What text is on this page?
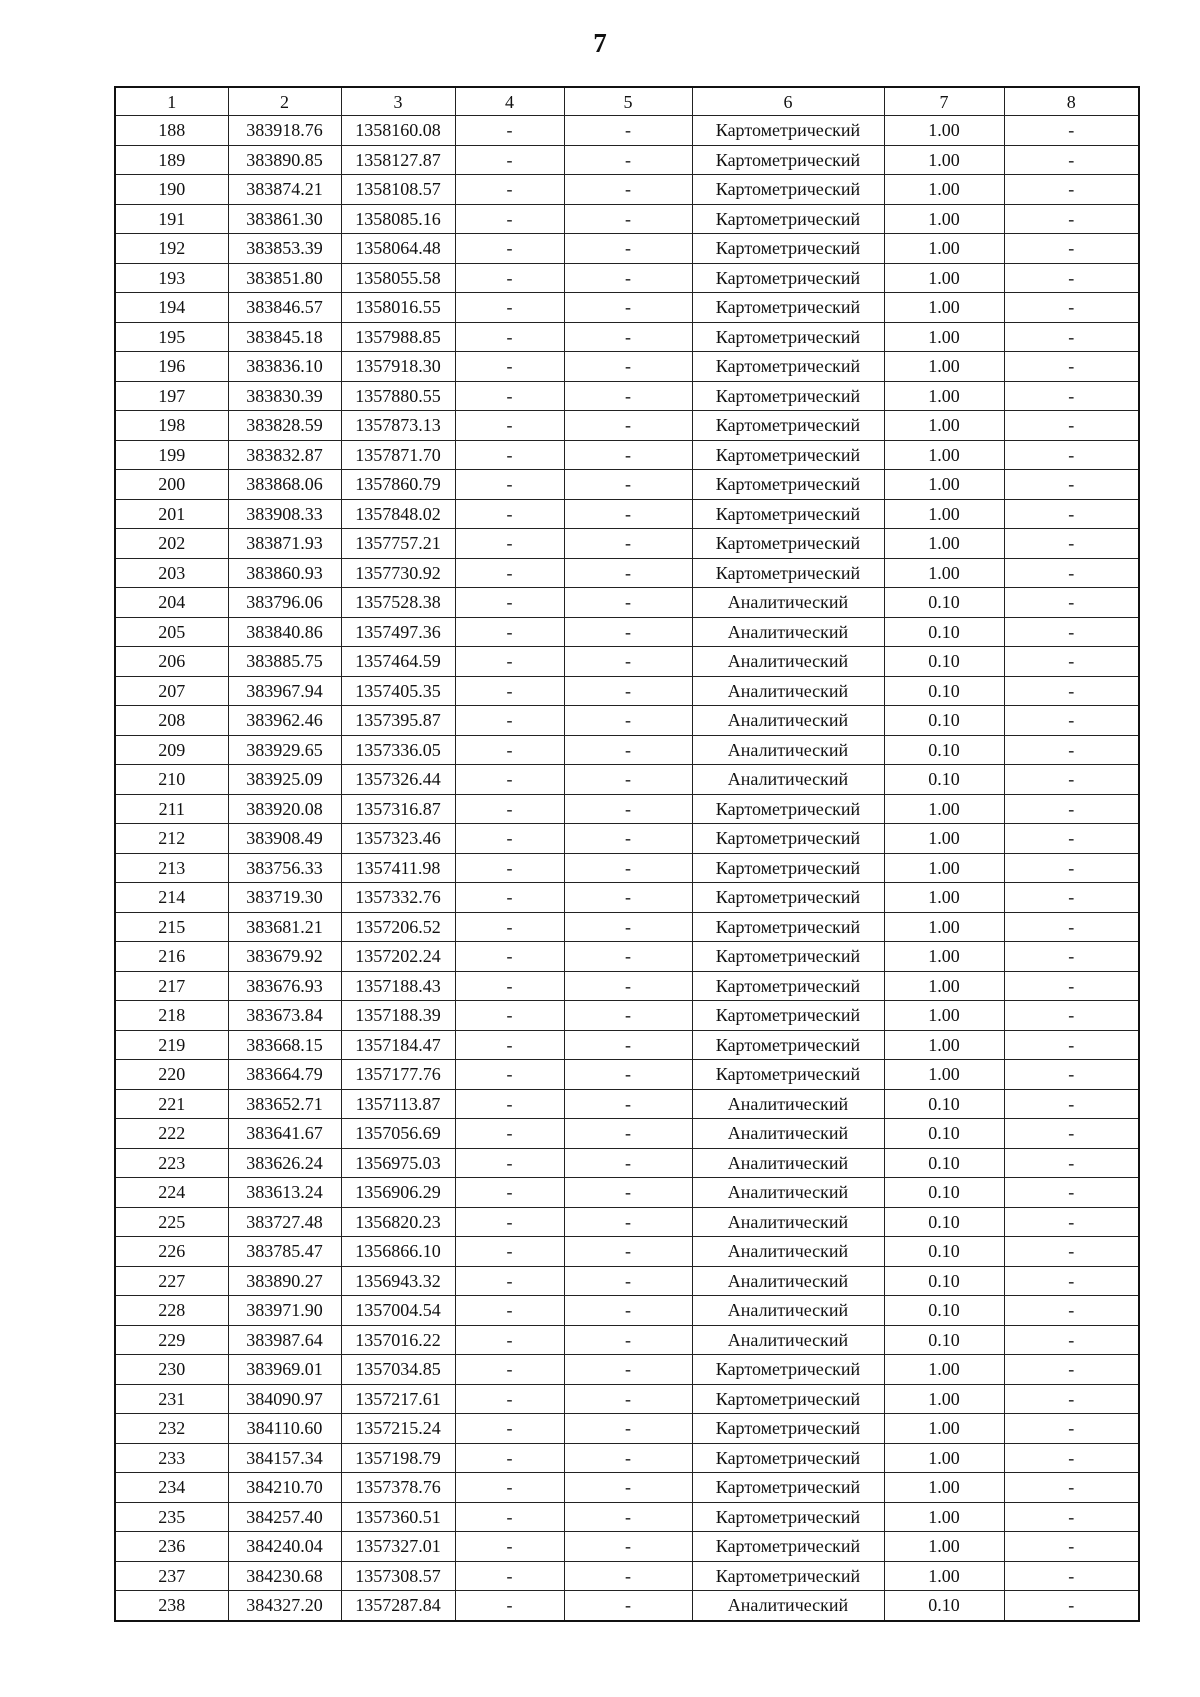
7
1	2	3	4	5	6	7	8
188	383918.76	1358160.08	-	-	Картометрический	1.00	-
189	383890.85	1358127.87	-	-	Картометрический	1.00	-
190	383874.21	1358108.57	-	-	Картометрический	1.00	-
191	383861.30	1358085.16	-	-	Картометрический	1.00	-
192	383853.39	1358064.48	-	-	Картометрический	1.00	-
193	383851.80	1358055.58	-	-	Картометрический	1.00	-
194	383846.57	1358016.55	-	-	Картометрический	1.00	-
195	383845.18	1357988.85	-	-	Картометрический	1.00	-
196	383836.10	1357918.30	-	-	Картометрический	1.00	-
197	383830.39	1357880.55	-	-	Картометрический	1.00	-
198	383828.59	1357873.13	-	-	Картометрический	1.00	-
199	383832.87	1357871.70	-	-	Картометрический	1.00	-
200	383868.06	1357860.79	-	-	Картометрический	1.00	-
201	383908.33	1357848.02	-	-	Картометрический	1.00	-
202	383871.93	1357757.21	-	-	Картометрический	1.00	-
203	383860.93	1357730.92	-	-	Картометрический	1.00	-
204	383796.06	1357528.38	-	-	Аналитический	0.10	-
205	383840.86	1357497.36	-	-	Аналитический	0.10	-
206	383885.75	1357464.59	-	-	Аналитический	0.10	-
207	383967.94	1357405.35	-	-	Аналитический	0.10	-
208	383962.46	1357395.87	-	-	Аналитический	0.10	-
209	383929.65	1357336.05	-	-	Аналитический	0.10	-
210	383925.09	1357326.44	-	-	Аналитический	0.10	-
211	383920.08	1357316.87	-	-	Картометрический	1.00	-
212	383908.49	1357323.46	-	-	Картометрический	1.00	-
213	383756.33	1357411.98	-	-	Картометрический	1.00	-
214	383719.30	1357332.76	-	-	Картометрический	1.00	-
215	383681.21	1357206.52	-	-	Картометрический	1.00	-
216	383679.92	1357202.24	-	-	Картометрический	1.00	-
217	383676.93	1357188.43	-	-	Картометрический	1.00	-
218	383673.84	1357188.39	-	-	Картометрический	1.00	-
219	383668.15	1357184.47	-	-	Картометрический	1.00	-
220	383664.79	1357177.76	-	-	Картометрический	1.00	-
221	383652.71	1357113.87	-	-	Аналитический	0.10	-
222	383641.67	1357056.69	-	-	Аналитический	0.10	-
223	383626.24	1356975.03	-	-	Аналитический	0.10	-
224	383613.24	1356906.29	-	-	Аналитический	0.10	-
225	383727.48	1356820.23	-	-	Аналитический	0.10	-
226	383785.47	1356866.10	-	-	Аналитический	0.10	-
227	383890.27	1356943.32	-	-	Аналитический	0.10	-
228	383971.90	1357004.54	-	-	Аналитический	0.10	-
229	383987.64	1357016.22	-	-	Аналитический	0.10	-
230	383969.01	1357034.85	-	-	Картометрический	1.00	-
231	384090.97	1357217.61	-	-	Картометрический	1.00	-
232	384110.60	1357215.24	-	-	Картометрический	1.00	-
233	384157.34	1357198.79	-	-	Картометрический	1.00	-
234	384210.70	1357378.76	-	-	Картометрический	1.00	-
235	384257.40	1357360.51	-	-	Картометрический	1.00	-
236	384240.04	1357327.01	-	-	Картометрический	1.00	-
237	384230.68	1357308.57	-	-	Картометрический	1.00	-
238	384327.20	1357287.84	-	-	Аналитический	0.10	-
